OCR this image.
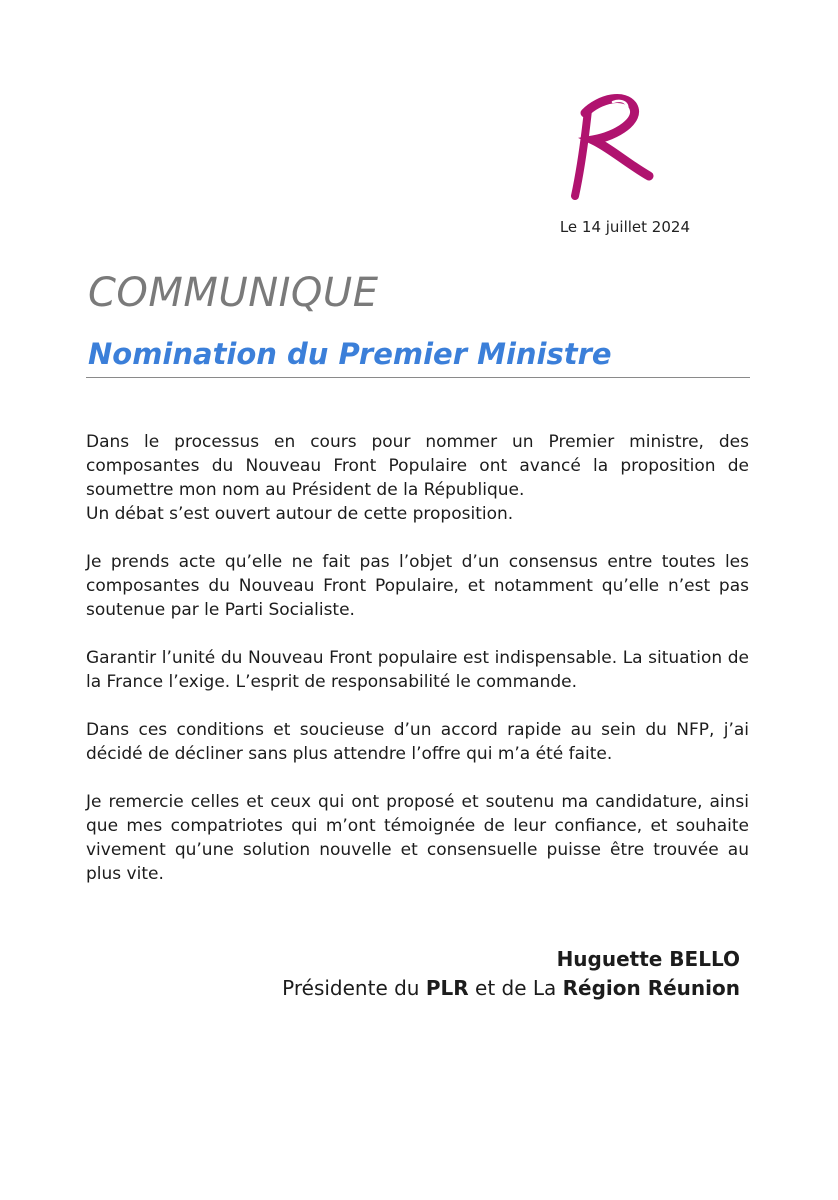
Le 14 juillet 2024
COMMUNIQUE
Nomination du Premier Ministre

Dans le processus en cours pour nommer un Premier ministre, des composantes du Nouveau Front Populaire ont avancé la proposition de soumettre mon nom au Président de la République.
Un débat s’est ouvert autour de cette proposition.

Je prends acte qu’elle ne fait pas l’objet d’un consensus entre toutes les composantes du Nouveau Front Populaire, et notamment qu’elle n’est pas soutenue par le Parti Socialiste.

Garantir l’unité du Nouveau Front populaire est indispensable. La situation de la France l’exige. L’esprit de responsabilité le commande.

Dans ces conditions et soucieuse d’un accord rapide au sein du NFP, j’ai décidé de décliner sans plus attendre l’offre qui m’a été faite.

Je remercie celles et ceux qui ont proposé et soutenu ma candidature, ainsi que mes compatriotes qui m’ont témoignée de leur confiance, et souhaite vivement qu’une solution nouvelle et consensuelle puisse être trouvée au plus vite.

Huguette BELLO
Présidente du PLR et de La Région Réunion
